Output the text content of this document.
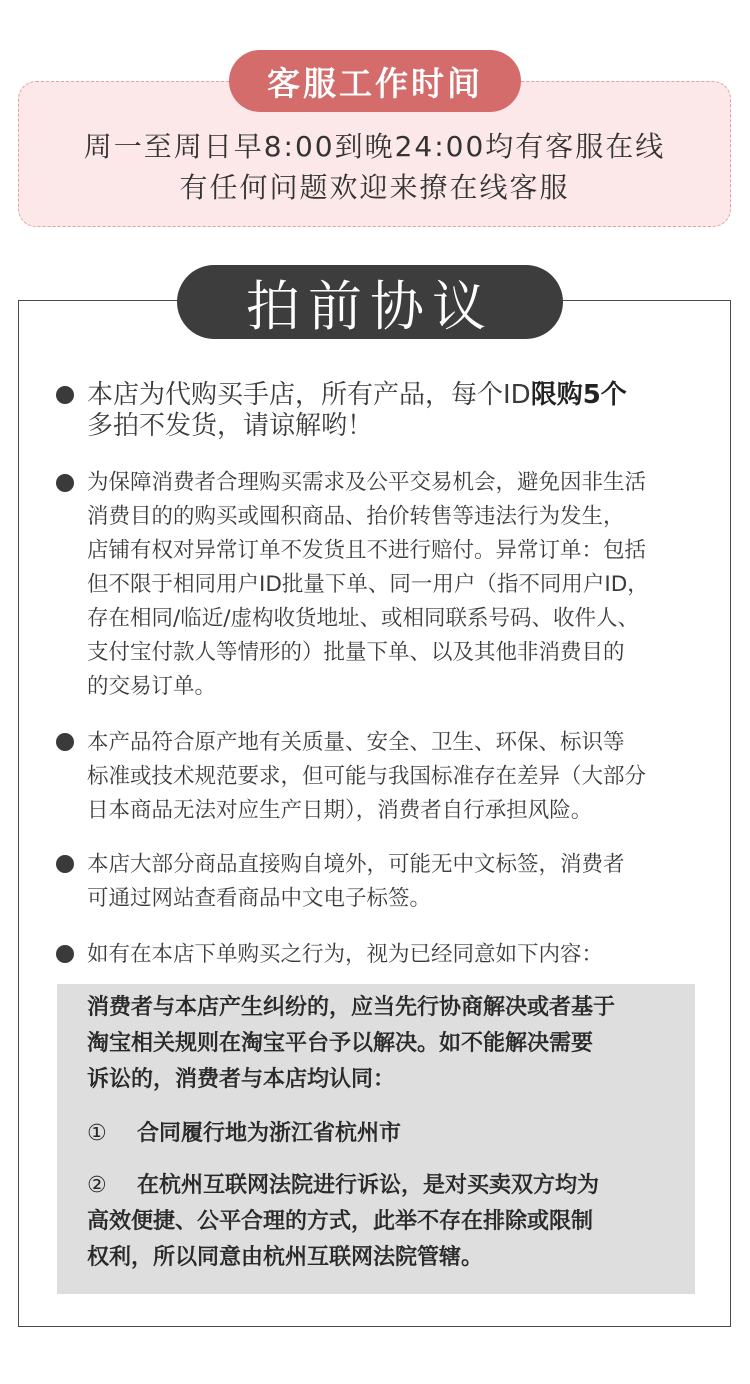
客服工作时间
周一至周日早8:00到晚24:00均有客服在线
有任何问题欢迎来撩在线客服
拍前协议
本店为代购买手店，所有产品，每个ID限购5个
多拍不发货，请谅解哟！
为保障消费者合理购买需求及公平交易机会，避免因非生活
消费目的的购买或囤积商品、抬价转售等违法行为发生，
店铺有权对异常订单不发货且不进行赔付。异常订单：包括
但不限于相同用户ID批量下单、同一用户（指不同用户ID，
存在相同/临近/虚构收货地址、或相同联系号码、收件人、
支付宝付款人等情形的）批量下单、以及其他非消费目的
的交易订单。
本产品符合原产地有关质量、安全、卫生、环保、标识等
标准或技术规范要求，但可能与我国标准存在差异（大部分
日本商品无法对应生产日期），消费者自行承担风险。
本店大部分商品直接购自境外，可能无中文标签，消费者
可通过网站查看商品中文电子标签。
如有在本店下单购买之行为，视为已经同意如下内容：
消费者与本店产生纠纷的，应当先行协商解决或者基于
淘宝相关规则在淘宝平台予以解决。如不能解决需要
诉讼的，消费者与本店均认同：
① 合同履行地为浙江省杭州市
② 在杭州互联网法院进行诉讼，是对买卖双方均为
高效便捷、公平合理的方式，此举不存在排除或限制
权利，所以同意由杭州互联网法院管辖。
